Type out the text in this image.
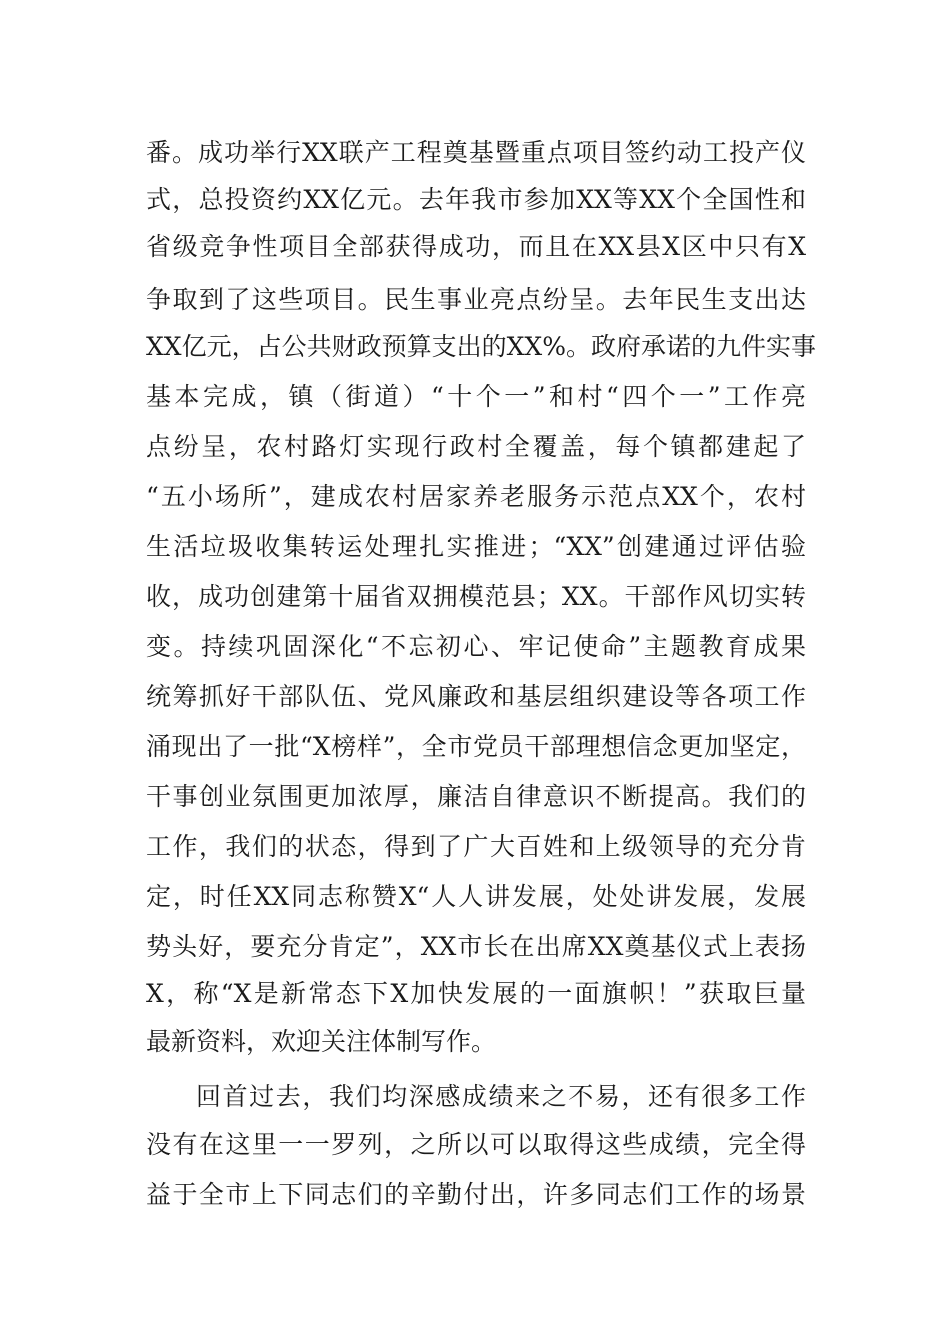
番。成功举行XX联产工程奠基暨重点项目签约动工投产仪
式，总投资约XX亿元。去年我市参加XX等XX个全国性和
省级竞争性项目全部获得成功，而且在XX县X区中只有X
争取到了这些项目。民生事业亮点纷呈。去年民生支出达
XX亿元，占公共财政预算支出的XX%。政府承诺的九件实事
基本完成，镇（街道）“十个一”和村“四个一”工作亮
点纷呈，农村路灯实现行政村全覆盖，每个镇都建起了
“五小场所”，建成农村居家养老服务示范点XX个，农村
生活垃圾收集转运处理扎实推进；“XX”创建通过评估验
收，成功创建第十届省双拥模范县；XX。干部作风切实转
变。持续巩固深化“不忘初心、牢记使命”主题教育成果
统筹抓好干部队伍、党风廉政和基层组织建设等各项工作
涌现出了一批“X榜样”，全市党员干部理想信念更加坚定，
干事创业氛围更加浓厚，廉洁自律意识不断提高。我们的
工作，我们的状态，得到了广大百姓和上级领导的充分肯
定，时任XX同志称赞X“人人讲发展，处处讲发展，发展
势头好，要充分肯定”，XX市长在出席XX奠基仪式上表扬
X，称“X是新常态下X加快发展的一面旗帜！”获取巨量
最新资料，欢迎关注体制写作。
回首过去，我们均深感成绩来之不易，还有很多工作
没有在这里一一罗列，之所以可以取得这些成绩，完全得
益于全市上下同志们的辛勤付出，许多同志们工作的场景
